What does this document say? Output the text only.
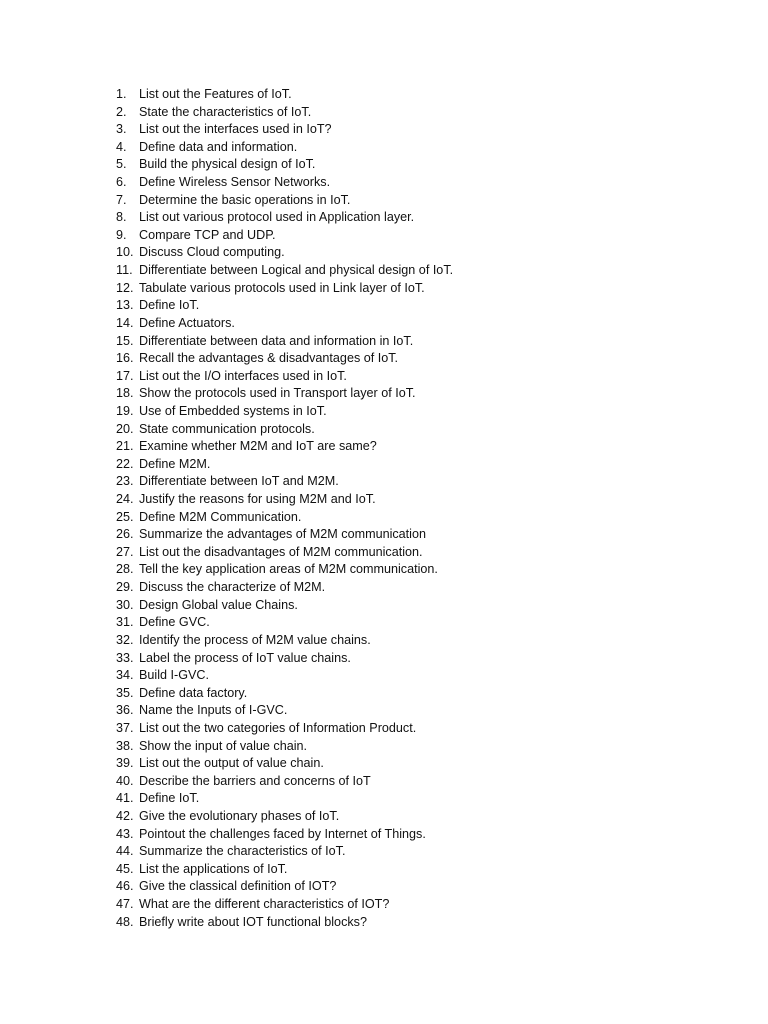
1. List out the Features of IoT.
2. State the characteristics of IoT.
3. List out the interfaces used in IoT?
4. Define data and information.
5. Build the physical design of IoT.
6. Define Wireless Sensor Networks.
7. Determine the basic operations in IoT.
8. List out various protocol used in Application layer.
9. Compare TCP and UDP.
10. Discuss Cloud computing.
11. Differentiate between Logical and physical design of IoT.
12. Tabulate various protocols used in Link layer of IoT.
13. Define IoT.
14. Define Actuators.
15. Differentiate between data and information in IoT.
16. Recall the advantages & disadvantages of IoT.
17. List out the I/O interfaces used in IoT.
18. Show the protocols used in Transport layer of IoT.
19. Use of Embedded systems in IoT.
20. State communication protocols.
21. Examine whether M2M and IoT are same?
22. Define M2M.
23. Differentiate between IoT and M2M.
24. Justify the reasons for using M2M and IoT.
25. Define M2M Communication.
26. Summarize the advantages of M2M communication
27. List out the disadvantages of M2M communication.
28. Tell the key application areas of M2M communication.
29. Discuss the characterize of M2M.
30. Design Global value Chains.
31. Define GVC.
32. Identify the process of M2M value chains.
33. Label the process of IoT value chains.
34. Build I-GVC.
35. Define data factory.
36. Name the Inputs of I-GVC.
37. List out the two categories of Information Product.
38. Show the input of value chain.
39. List out the output of value chain.
40. Describe the barriers and concerns of IoT
41. Define IoT.
42. Give the evolutionary phases of IoT.
43. Pointout the challenges faced by Internet of Things.
44. Summarize the characteristics of IoT.
45. List the applications of IoT.
46. Give the classical definition of IOT?
47. What are the different characteristics of IOT?
48. Briefly write about IOT functional blocks?
